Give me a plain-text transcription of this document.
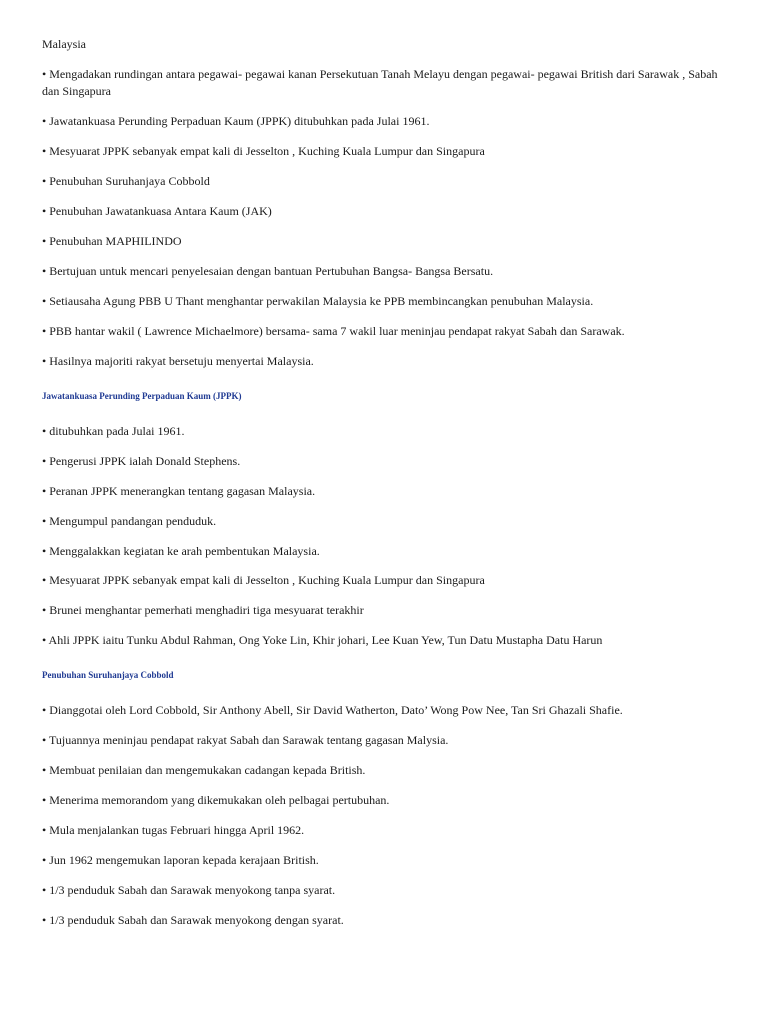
Malaysia
• Mengadakan rundingan antara pegawai- pegawai kanan Persekutuan Tanah Melayu dengan pegawai- pegawai British dari Sarawak , Sabah dan Singapura
• Jawatankuasa Perunding Perpaduan Kaum (JPPK) ditubuhkan pada Julai 1961.
• Mesyuarat JPPK sebanyak empat kali di Jesselton , Kuching Kuala Lumpur dan Singapura
• Penubuhan Suruhanjaya Cobbold
• Penubuhan Jawatankuasa Antara Kaum (JAK)
• Penubuhan MAPHILINDO
• Bertujuan untuk mencari penyelesaian dengan bantuan Pertubuhan Bangsa- Bangsa Bersatu.
• Setiausaha Agung PBB U Thant menghantar perwakilan Malaysia ke PPB membincangkan penubuhan Malaysia.
• PBB hantar wakil ( Lawrence Michaelmore) bersama- sama 7 wakil luar meninjau pendapat rakyat Sabah dan Sarawak.
• Hasilnya majoriti rakyat bersetuju menyertai Malaysia.
Jawatankuasa Perunding Perpaduan Kaum (JPPK)
• ditubuhkan pada Julai 1961.
• Pengerusi JPPK ialah Donald Stephens.
• Peranan JPPK menerangkan tentang gagasan Malaysia.
• Mengumpul pandangan penduduk.
• Menggalakkan kegiatan ke arah pembentukan Malaysia.
• Mesyuarat JPPK sebanyak empat kali di Jesselton , Kuching Kuala Lumpur dan Singapura
• Brunei menghantar pemerhati menghadiri tiga mesyuarat terakhir
• Ahli JPPK iaitu Tunku Abdul Rahman, Ong Yoke Lin, Khir johari, Lee Kuan Yew, Tun Datu Mustapha Datu Harun
Penubuhan Suruhanjaya Cobbold
• Dianggotai oleh Lord Cobbold, Sir Anthony Abell, Sir David Watherton, Dato’ Wong Pow Nee, Tan Sri Ghazali Shafie.
• Tujuannya meninjau pendapat rakyat Sabah dan Sarawak tentang gagasan Malysia.
• Membuat penilaian dan mengemukakan cadangan kepada British.
• Menerima memorandom yang dikemukakan oleh pelbagai pertubuhan.
• Mula menjalankan tugas Februari hingga April 1962.
• Jun 1962 mengemukan laporan kepada kerajaan British.
• 1/3 penduduk Sabah dan Sarawak menyokong tanpa syarat.
• 1/3 penduduk Sabah dan Sarawak menyokong dengan syarat.
